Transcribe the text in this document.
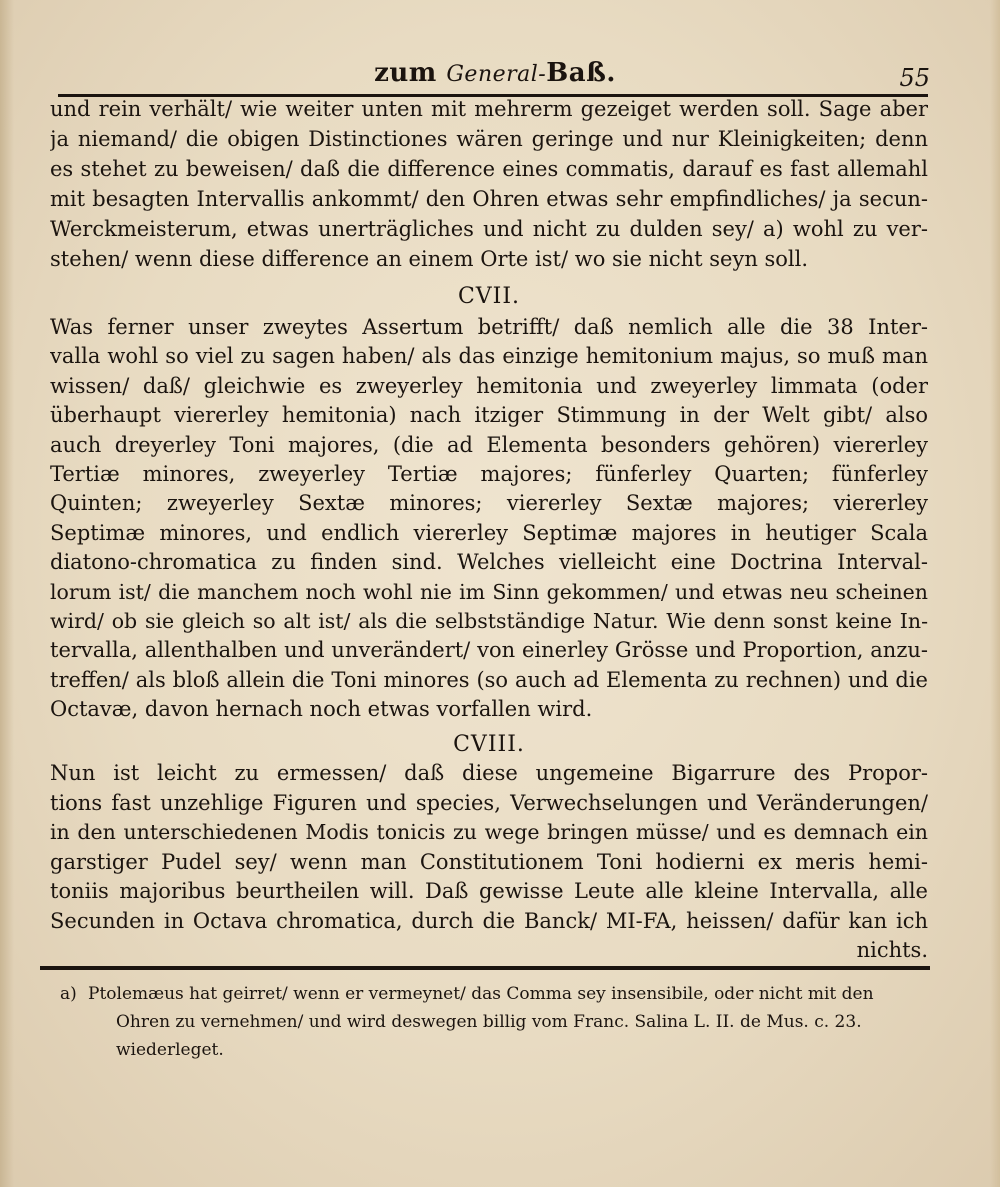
zum General-Baß.	55
und rein verhält/ wie weiter unten mit mehrerm gezeiget werden soll. Sage aber
ja niemand/ die obigen Distinctiones wären geringe und nur Kleinigkeiten; denn
es stehet zu beweisen/ daß die difference eines commatis, darauf es fast allemahl
mit besagten Intervallis ankommt/ den Ohren etwas sehr empfindliches/ ja secun-
Werckmeisterum, etwas unerträgliches und nicht zu dulden sey/ a) wohl zu ver-
stehen/ wenn diese difference an einem Orte ist/ wo sie nicht seyn soll.
CVII.
Was ferner unser zweytes Assertum betrifft/ daß nemlich alle die 38 Inter-
valla wohl so viel zu sagen haben/ als das einzige hemitonium majus, so muß man
wissen/ daß/ gleichwie es zweyerley hemitonia und zweyerley limmata (oder
überhaupt viererley hemitonia) nach itziger Stimmung in der Welt gibt/ also
auch dreyerley Toni majores, (die ad Elementa besonders gehören) viererley
Tertiæ minores, zweyerley Tertiæ majores; fünferley Quarten; fünferley
Quinten; zweyerley Sextæ minores; viererley Sextæ majores; viererley
Septimæ minores, und endlich viererley Septimæ majores in heutiger Scala
diatono-chromatica zu finden sind. Welches vielleicht eine Doctrina Interval-
lorum ist/ die manchem noch wohl nie im Sinn gekommen/ und etwas neu scheinen
wird/ ob sie gleich so alt ist/ als die selbstständige Natur. Wie denn sonst keine In-
tervalla, allenthalben und unverändert/ von einerley Grösse und Proportion, anzu-
treffen/ als bloß allein die Toni minores (so auch ad Elementa zu rechnen) und die
Octavæ, davon hernach noch etwas vorfallen wird.
CVIII.
Nun ist leicht zu ermessen/ daß diese ungemeine Bigarrure des Propor-
tions fast unzehlige Figuren und species, Verwechselungen und Veränderungen/
in den unterschiedenen Modis tonicis zu wege bringen müsse/ und es demnach ein
garstiger Pudel sey/ wenn man Constitutionem Toni hodierni ex meris hemi-
toniis majoribus beurtheilen will. Daß gewisse Leute alle kleine Intervalla, alle
Secunden in Octava chromatica, durch die Banck/ MI-FA, heissen/ dafür kan ich
nichts.
a) Ptolemæus hat geirret/ wenn er vermeynet/ das Comma sey insensibile, oder nicht mit den
Ohren zu vernehmen/ und wird deswegen billig vom Franc. Salina L. II. de Mus. c. 23.
wiederleget.
